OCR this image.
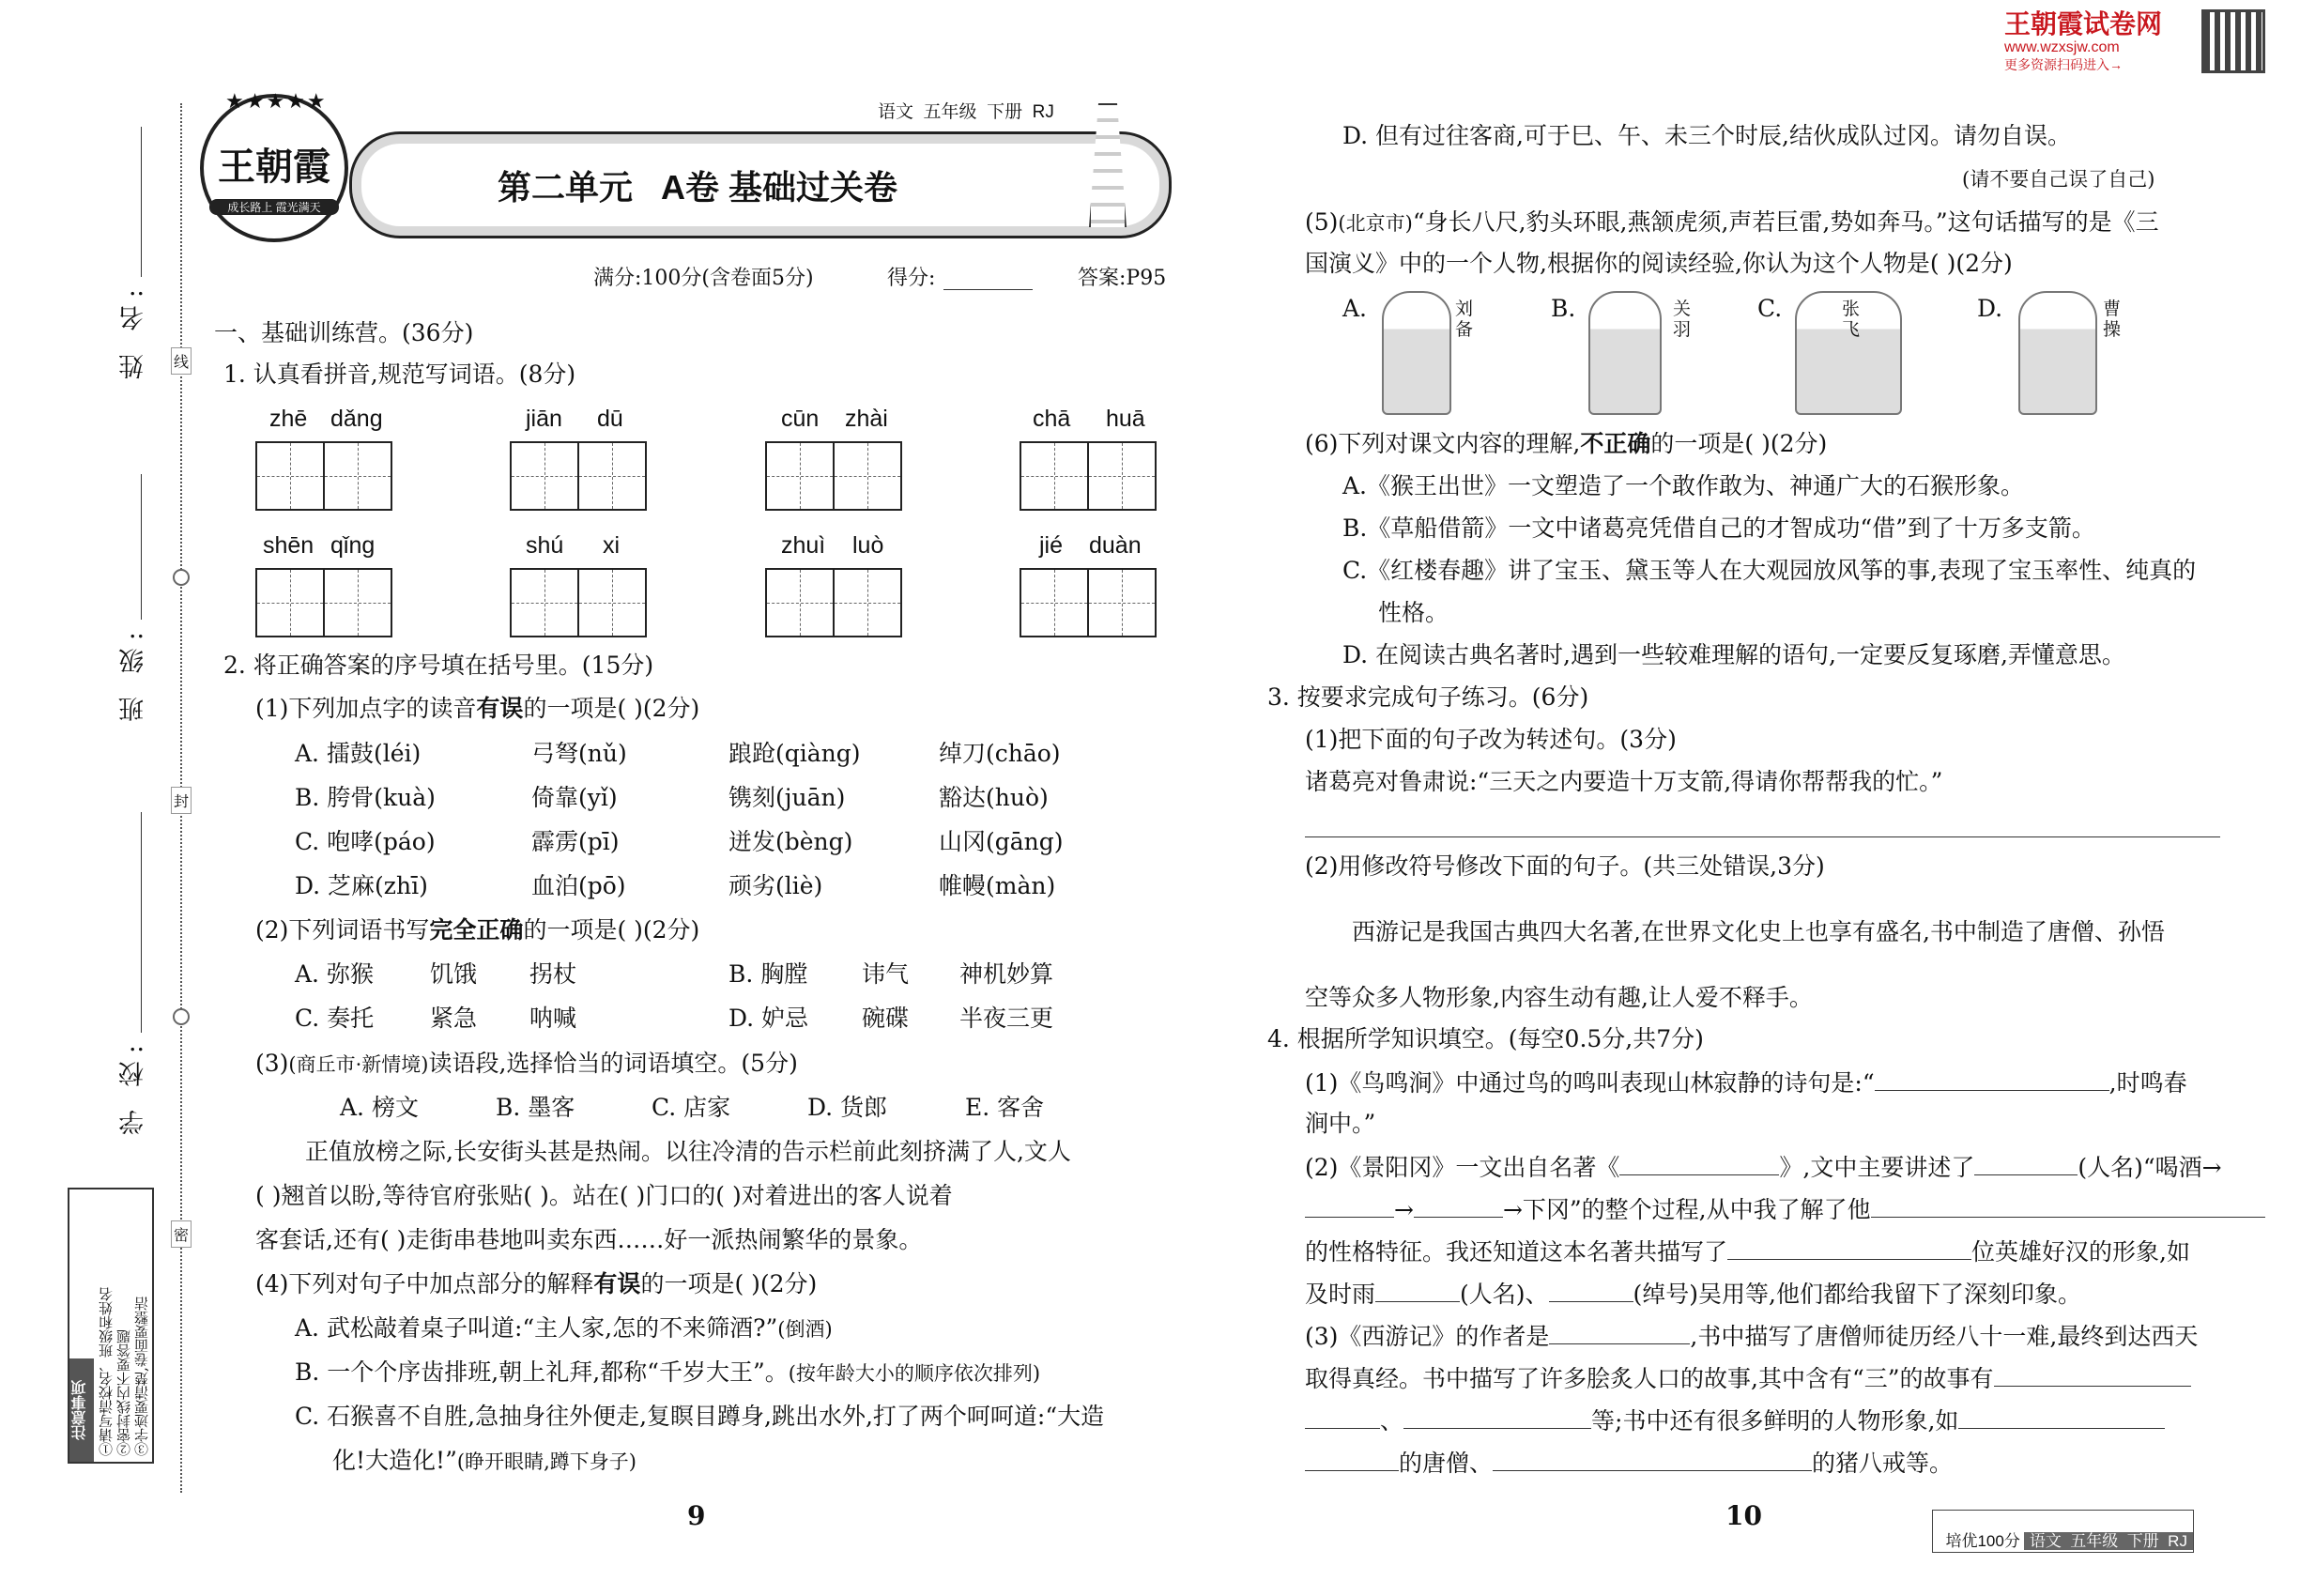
王朝霞试卷网
www.wzxsjw.com
更多资源扫码进入→
姓 名:
班 级:
学 校:
线
封
密
注意事项 ①请写清校名、班级和姓名 ②密封线内不要答题 ③字迹要清楚,卷面要整洁
王朝霞
成长路上 霞光满天
★★★★★	语文  五年级  下册  RJ
第二单元   A卷 基础过关卷
满分:100分(含卷面5分)	得分:	答案:P95
一、基础训练营。(36分)
1. 认真看拼音,规范写词语。(8分)
zhē dǎng	jiān dū	cūn zhài	chā huā
shēn qǐng	shú xi	zhuì luò	jié duàn
2. 将正确答案的序号填在括号里。(15分)
(1)下列加点字的读音有误的一项是( )(2分)
A. 擂鼓(léi)	弓弩(nǔ)	踉跄(qiàng)	绰刀(chāo)
B. 胯骨(kuà)	倚靠(yǐ)	镌刻(juān)	豁达(huò)
C. 咆哮(páo)	霹雳(pī)	迸发(bèng)	山冈(gāng)
D. 芝麻(zhī)	血泊(pō)	顽劣(liè)	帷幔(màn)
(2)下列词语书写完全正确的一项是( )(2分)
A. 弥猴 饥饿 拐杖	B. 胸膛 讳气 神机妙算
C. 奏托 紧急 呐喊	D. 妒忌 碗碟 半夜三更
(3)(商丘市·新情境)读语段,选择恰当的词语填空。(5分)
A. 榜文	B. 墨客	C. 店家	D. 货郎	E. 客舍
正值放榜之际,长安街头甚是热闹。以往冷清的告示栏前此刻挤满了人,文人
( )翘首以盼,等待官府张贴( )。站在( )门口的( )对着进出的客人说着
客套话,还有( )走街串巷地叫卖东西……好一派热闹繁华的景象。
(4)下列对句子中加点部分的解释有误的一项是( )(2分)
A. 武松敲着桌子叫道:“主人家,怎的不来筛酒?”(倒酒)
B. 一个个序齿排班,朝上礼拜,都称“千岁大王”。(按年龄大小的顺序依次排列)
C. 石猴喜不自胜,急抽身往外便走,复瞑目蹲身,跳出水外,打了两个呵呵道:“大造
化!大造化!”(睁开眼睛,蹲下身子)
D. 但有过往客商,可于巳、午、未三个时辰,结伙成队过冈。请勿自误。
(请不要自己误了自己)
(5)(北京市)“身长八尺,豹头环眼,燕颔虎须,声若巨雷,势如奔马。”这句话描写的是《三
国演义》中的一个人物,根据你的阅读经验,你认为这个人物是( )(2分)
A.	刘备
B.	关羽
C.	张飞
D.	曹操
(6)下列对课文内容的理解,不正确的一项是( )(2分)
A.《猴王出世》一文塑造了一个敢作敢为、神通广大的石猴形象。
B.《草船借箭》一文中诸葛亮凭借自己的才智成功“借”到了十万多支箭。
C.《红楼春趣》讲了宝玉、黛玉等人在大观园放风筝的事,表现了宝玉率性、纯真的
性格。
D. 在阅读古典名著时,遇到一些较难理解的语句,一定要反复琢磨,弄懂意思。
3. 按要求完成句子练习。(6分)
(1)把下面的句子改为转述句。(3分)
诸葛亮对鲁肃说:“三天之内要造十万支箭,得请你帮帮我的忙。”
(2)用修改符号修改下面的句子。(共三处错误,3分)
西游记是我国古典四大名著,在世界文化史上也享有盛名,书中制造了唐僧、孙悟
空等众多人物形象,内容生动有趣,让人爱不释手。
4. 根据所学知识填空。(每空0.5分,共7分)
(1)《鸟鸣涧》中通过鸟的鸣叫表现山林寂静的诗句是:“	,时鸣春
涧中。”
(2)《景阳冈》一文出自名著《	》,文中主要讲述了	(人名)“喝酒→
→	→下冈”的整个过程,从中我了解了他
的性格特征。我还知道这本名著共描写了	位英雄好汉的形象,如
及时雨	(人名)、	(绰号)吴用等,他们都给我留下了深刻印象。
(3)《西游记》的作者是	,书中描写了唐僧师徒历经八十一难,最终到达西天
取得真经。书中描写了许多脍炙人口的故事,其中含有“三”的故事有
、	等;书中还有很多鲜明的人物形象,如
的唐僧、	的猪八戒等。
9	10

培优100分 语文  五年级  下册  RJ
